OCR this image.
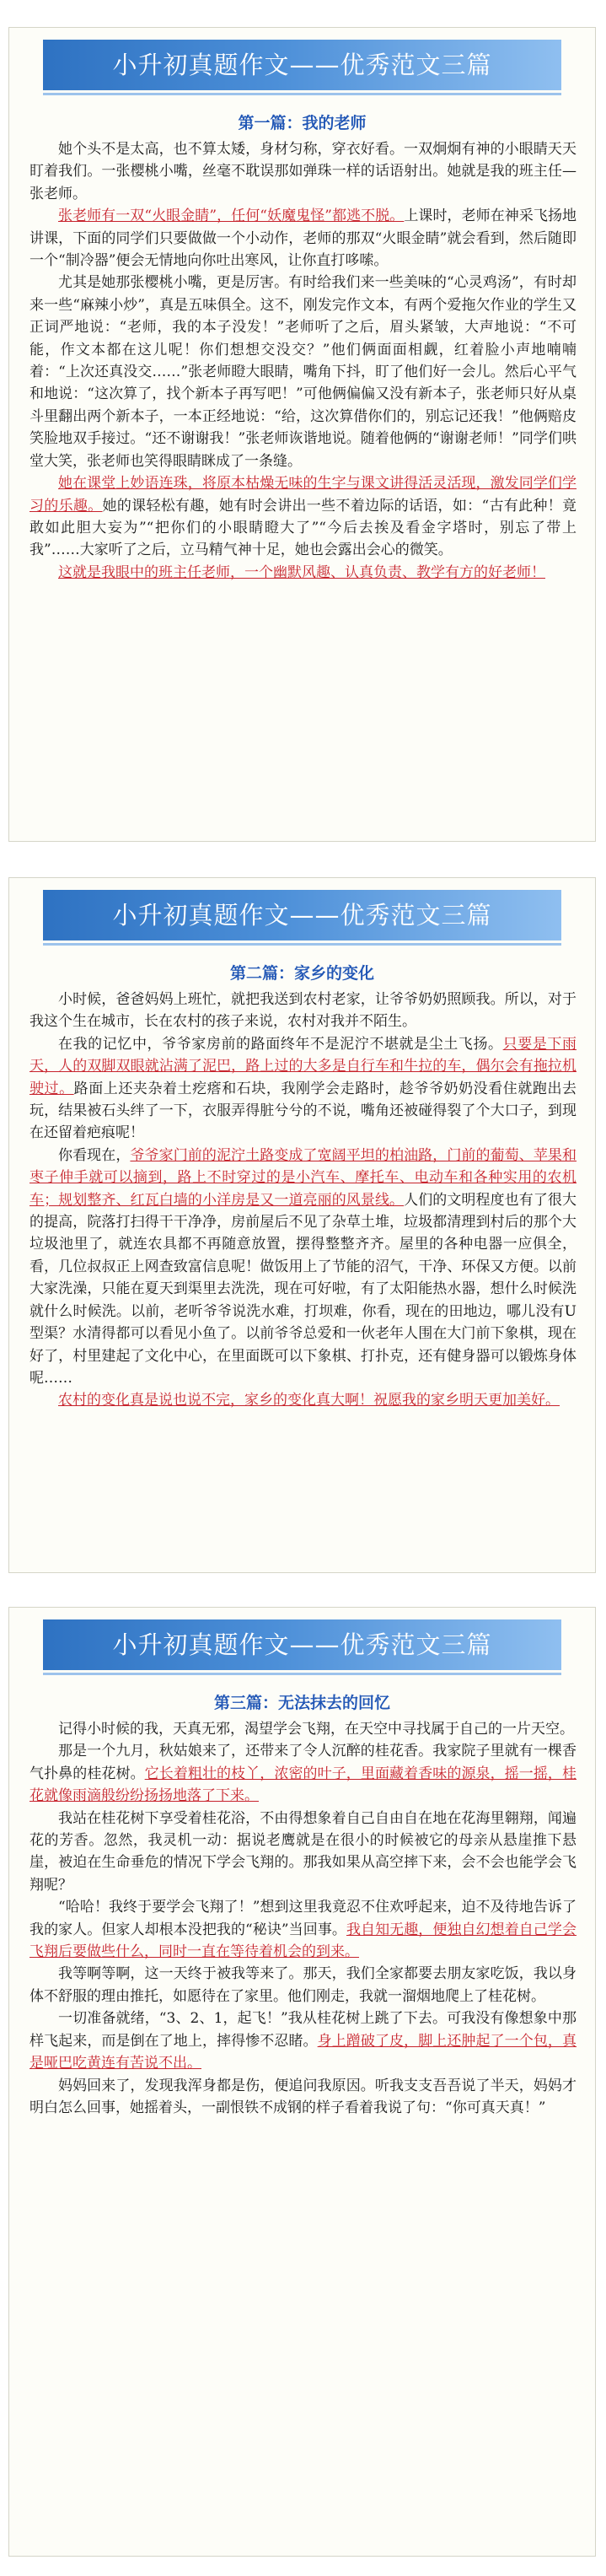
小升初真题作文——优秀范文三篇
第一篇：我的老师

她个头不是太高，也不算太矮，身材匀称，穿衣好看。一双炯炯有神的小眼睛天天盯着我们。一张樱桃小嘴，丝毫不耽误那如弹珠一样的话语射出。她就是我的班主任—张老师。

张老师有一双“火眼金睛”，任何“妖魔鬼怪”都逃不脱。上课时，老师在神采飞扬地讲课，下面的同学们只要做做一个小动作，老师的那双“火眼金睛”就会看到，然后随即一个“制冷器”便会无情地向你吐出寒风，让你直打哆嗦。

尤其是她那张樱桃小嘴，更是厉害。有时给我们来一些美味的“心灵鸡汤”，有时却来一些“麻辣小炒”，真是五味俱全。这不，刚发完作文本，有两个爱拖欠作业的学生又正词严地说：“老师，我的本子没发！”老师听了之后，眉头紧皱，大声地说：“不可能，作文本都在这儿呢！你们想想交没交？”他们俩面面相觑，红着脸小声地喃喃着：“上次还真没交……”张老师瞪大眼睛，嘴角下抖，盯了他们好一会儿。然后心平气和地说：“这次算了，找个新本子再写吧！”可他俩偏偏又没有新本子，张老师只好从桌斗里翻出两个新本子，一本正经地说：“给，这次算借你们的，别忘记还我！”他俩赔皮笑脸地双手接过。“还不谢谢我！”张老师诙谐地说。随着他俩的“谢谢老师！”同学们哄堂大笑，张老师也笑得眼睛眯成了一条缝。

她在课堂上妙语连珠，将原本枯燥无味的生字与课文讲得活灵活现，激发同学们学习的乐趣。她的课轻松有趣，她有时会讲出一些不着边际的话语，如：“古有此种！竟敢如此胆大妄为”“把你们的小眼睛瞪大了”“今后去挨及看金字塔时，别忘了带上我”……大家听了之后，立马精气神十足，她也会露出会心的微笑。

这就是我眼中的班主任老师，一个幽默风趣、认真负责、教学有方的好老师！

小升初真题作文——优秀范文三篇
第二篇：家乡的变化

小时候，爸爸妈妈上班忙，就把我送到农村老家，让爷爷奶奶照顾我。所以，对于我这个生在城市，长在农村的孩子来说，农村对我并不陌生。

在我的记忆中，爷爷家房前的路面终年不是泥泞不堪就是尘土飞扬。只要是下雨天，人的双脚双眼就沾满了泥巴，路上过的大多是自行车和牛拉的车，偶尔会有拖拉机驶过。路面上还夹杂着土疙瘩和石块，我刚学会走路时，趁爷爷奶奶没看住就跑出去玩，结果被石头绊了一下，衣服弄得脏兮兮的不说，嘴角还被碰得裂了个大口子，到现在还留着疤痕呢！

你看现在，爷爷家门前的泥泞土路变成了宽阔平坦的柏油路，门前的葡萄、苹果和枣子伸手就可以摘到，路上不时穿过的是小汽车、摩托车、电动车和各种实用的农机车；规划整齐、红瓦白墙的小洋房是又一道亮丽的风景线。人们的文明程度也有了很大的提高，院落打扫得干干净净，房前屋后不见了杂草土堆，垃圾都清理到村后的那个大垃圾池里了，就连农具都不再随意放置，摆得整整齐齐。屋里的各种电器一应俱全，看，几位叔叔正上网查致富信息呢！做饭用上了节能的沼气，干净、环保又方便。以前大家洗澡，只能在夏天到渠里去洗洗，现在可好啦，有了太阳能热水器，想什么时候洗就什么时候洗。以前，老听爷爷说洗水难，打坝难，你看，现在的田地边，哪儿没有U型渠？水清得都可以看见小鱼了。以前爷爷总爱和一伙老年人围在大门前下象棋，现在好了，村里建起了文化中心，在里面既可以下象棋、打扑克，还有健身器可以锻炼身体呢……

农村的变化真是说也说不完，家乡的变化真大啊！祝愿我的家乡明天更加美好。

小升初真题作文——优秀范文三篇
第三篇：无法抹去的回忆

记得小时候的我，天真无邪，渴望学会飞翔，在天空中寻找属于自己的一片天空。

那是一个九月，秋姑娘来了，还带来了令人沉醉的桂花香。我家院子里就有一棵香气扑鼻的桂花树。它长着粗壮的枝丫，浓密的叶子，里面藏着香味的源泉，摇一摇，桂花就像雨滴般纷纷扬扬地落了下来。

我站在桂花树下享受着桂花浴，不由得想象着自己自由自在地在花海里翱翔，闻遍花的芳香。忽然，我灵机一动：据说老鹰就是在很小的时候被它的母亲从悬崖推下悬崖，被迫在生命垂危的情况下学会飞翔的。那我如果从高空摔下来，会不会也能学会飞翔呢？

“哈哈！我终于要学会飞翔了！”想到这里我竟忍不住欢呼起来，迫不及待地告诉了我的家人。但家人却根本没把我的“秘诀”当回事。我自知无趣，便独自幻想着自己学会飞翔后要做些什么，同时一直在等待着机会的到来。

我等啊等啊，这一天终于被我等来了。那天，我们全家都要去朋友家吃饭，我以身体不舒服的理由推托，如愿待在了家里。他们刚走，我就一溜烟地爬上了桂花树。

一切准备就绪，“3、2、1，起飞！”我从桂花树上跳了下去。可我没有像想象中那样飞起来，而是倒在了地上，摔得惨不忍睹。身上蹭破了皮，脚上还肿起了一个包，真是哑巴吃黄连有苦说不出。

妈妈回来了，发现我浑身都是伤，便追问我原因。听我支支吾吾说了半天，妈妈才明白怎么回事，她摇着头，一副恨铁不成钢的样子看着我说了句：“你可真天真！”
